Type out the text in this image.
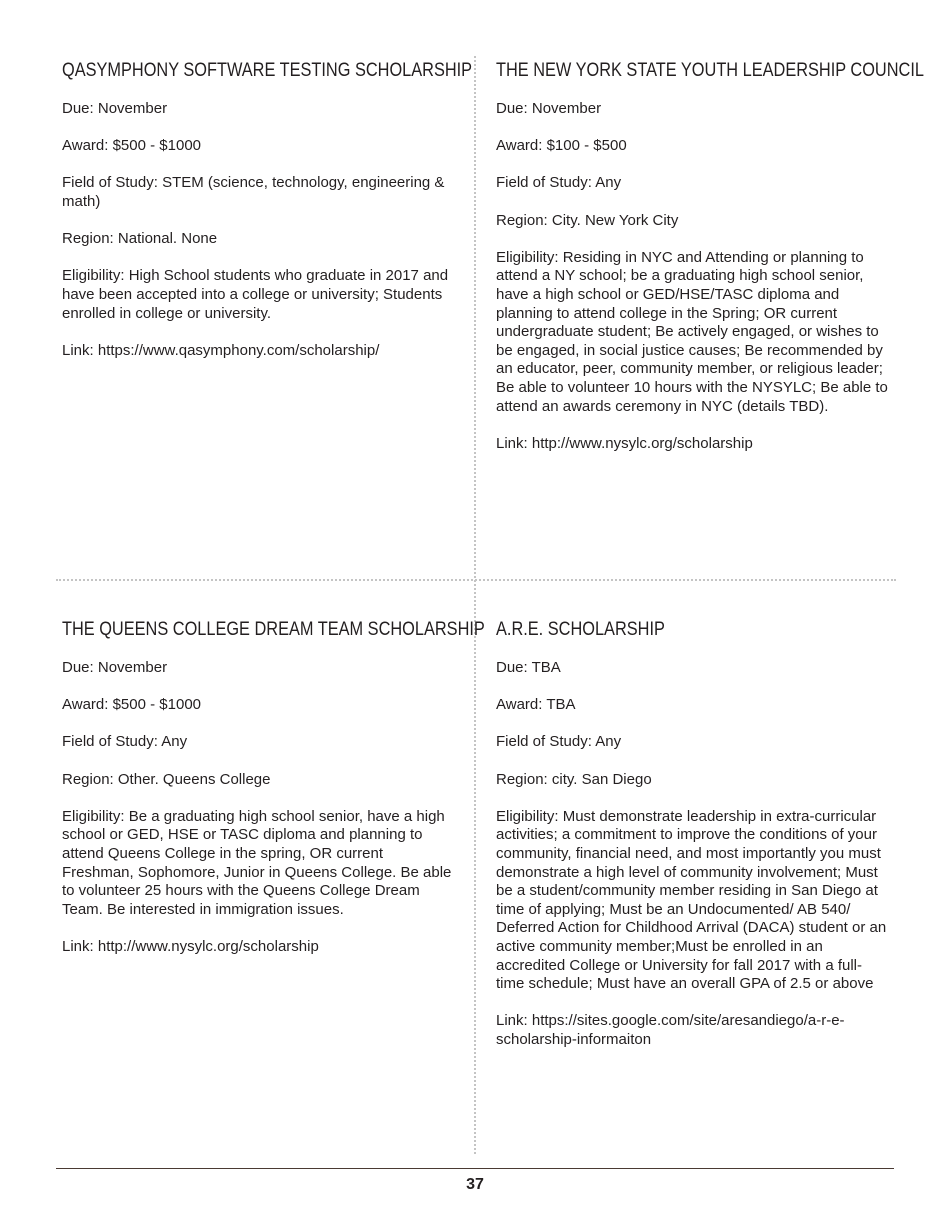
QASYMPHONY SOFTWARE TESTING SCHOLARSHIP

Due : November

Award : $500 - $1000

Field of Study : STEM (science, technology, engineering & math)

Region : National. None

Eligibility : High School students who graduate in 2017 and have been accepted into a college or university; Students enrolled in college or university.

Link : https://www.qasymphony.com/scholarship/

THE NEW YORK STATE YOUTH LEADERSHIP COUNCIL

Due : November

Award : $100 - $500

Field of Study : Any

Region : City. New York City

Eligibility : Residing in NYC and Attending or planning to attend a NY school; be a graduating high school senior, have a high school or GED/HSE/TASC diploma and planning to attend college in the Spring; OR current undergraduate student; Be actively engaged, or wishes to be engaged, in social justice causes; Be recommended by an educator, peer, community member, or religious leader; Be able to volunteer 10 hours with the NYSYLC; Be able to attend an awards ceremony in NYC (details TBD).

Link : http://www.nysylc.org/scholarship

THE QUEENS COLLEGE DREAM TEAM SCHOLARSHIP

Due : November

Award : $500 - $1000

Field of Study : Any

Region : Other. Queens College

Eligibility : Be a graduating high school senior, have a high school or GED, HSE or TASC diploma and planning to attend Queens College in the spring, OR current Freshman, Sophomore, Junior in Queens College. Be able to volunteer 25 hours with the Queens College Dream Team. Be interested in immigration issues.

Link : http://www.nysylc.org/scholarship

A.R.E. SCHOLARSHIP

Due : TBA

Award : TBA

Field of Study : Any

Region : city. San Diego

Eligibility : Must demonstrate leadership in extra-curricular activities; a commitment to improve the conditions of your community, financial need, and most importantly you must demonstrate a high level of community involvement; Must be a student/community member residing in San Diego at time of applying; Must be an Undocumented/ AB 540/ Deferred Action for Childhood Arrival (DACA) student or an active community member;Must be enrolled in an accredited College or University for fall 2017 with a full-time schedule; Must have an overall GPA of 2.5 or above

Link : https://sites.google.com/site/aresandiego/a-r-e-scholarship-informaiton

37
